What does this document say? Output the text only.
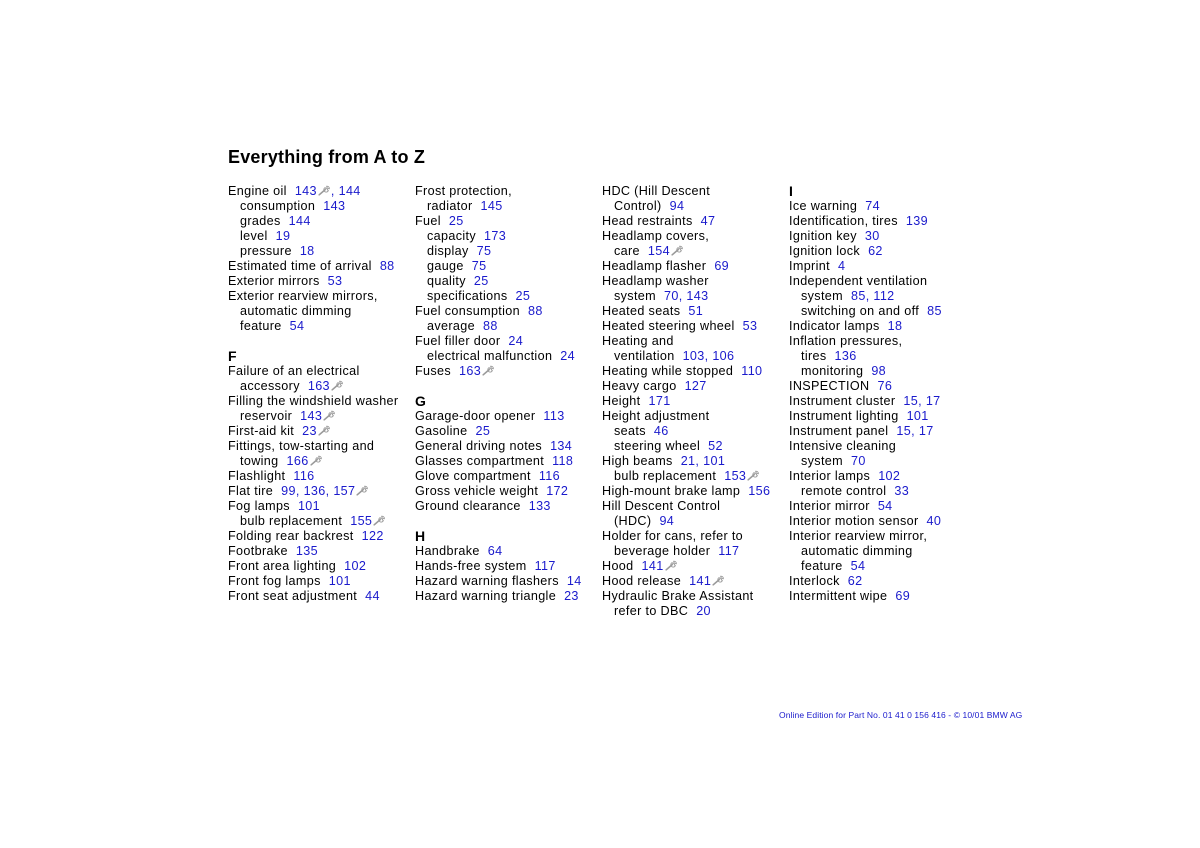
Everything from A to Z
Engine oil 143 , 144
consumption 143
grades 144
level 19
pressure 18
Estimated time of arrival 88
Exterior mirrors 53
Exterior rearview mirrors,
automatic dimming
feature 54
F
Failure of an electrical
accessory 163
Filling the windshield washer
reservoir 143
First-aid kit 23
Fittings, tow-starting and
towing 166
Flashlight 116
Flat tire 99, 136, 157
Fog lamps 101
bulb replacement 155
Folding rear backrest 122
Footbrake 135
Front area lighting 102
Front fog lamps 101
Front seat adjustment 44
Frost protection,
radiator 145
Fuel 25
capacity 173
display 75
gauge 75
quality 25
specifications 25
Fuel consumption 88
average 88
Fuel filler door 24
electrical malfunction 24
Fuses 163
G
Garage-door opener 113
Gasoline 25
General driving notes 134
Glasses compartment 118
Glove compartment 116
Gross vehicle weight 172
Ground clearance 133
H
Handbrake 64
Hands-free system 117
Hazard warning flashers 14
Hazard warning triangle 23
HDC (Hill Descent
Control) 94
Head restraints 47
Headlamp covers,
care 154
Headlamp flasher 69
Headlamp washer
system 70, 143
Heated seats 51
Heated steering wheel 53
Heating and
ventilation 103, 106
Heating while stopped 110
Heavy cargo 127
Height 171
Height adjustment
seats 46
steering wheel 52
High beams 21, 101
bulb replacement 153
High-mount brake lamp 156
Hill Descent Control
(HDC) 94
Holder for cans, refer to
beverage holder 117
Hood 141
Hood release 141
Hydraulic Brake Assistant
refer to DBC 20
I
Ice warning 74
Identification, tires 139
Ignition key 30
Ignition lock 62
Imprint 4
Independent ventilation
system 85, 112
switching on and off 85
Indicator lamps 18
Inflation pressures,
tires 136
monitoring 98
INSPECTION 76
Instrument cluster 15, 17
Instrument lighting 101
Instrument panel 15, 17
Intensive cleaning
system 70
Interior lamps 102
remote control 33
Interior mirror 54
Interior motion sensor 40
Interior rearview mirror,
automatic dimming
feature 54
Interlock 62
Intermittent wipe 69
Online Edition for Part No. 01 41 0 156 416 - © 10/01 BMW AG
